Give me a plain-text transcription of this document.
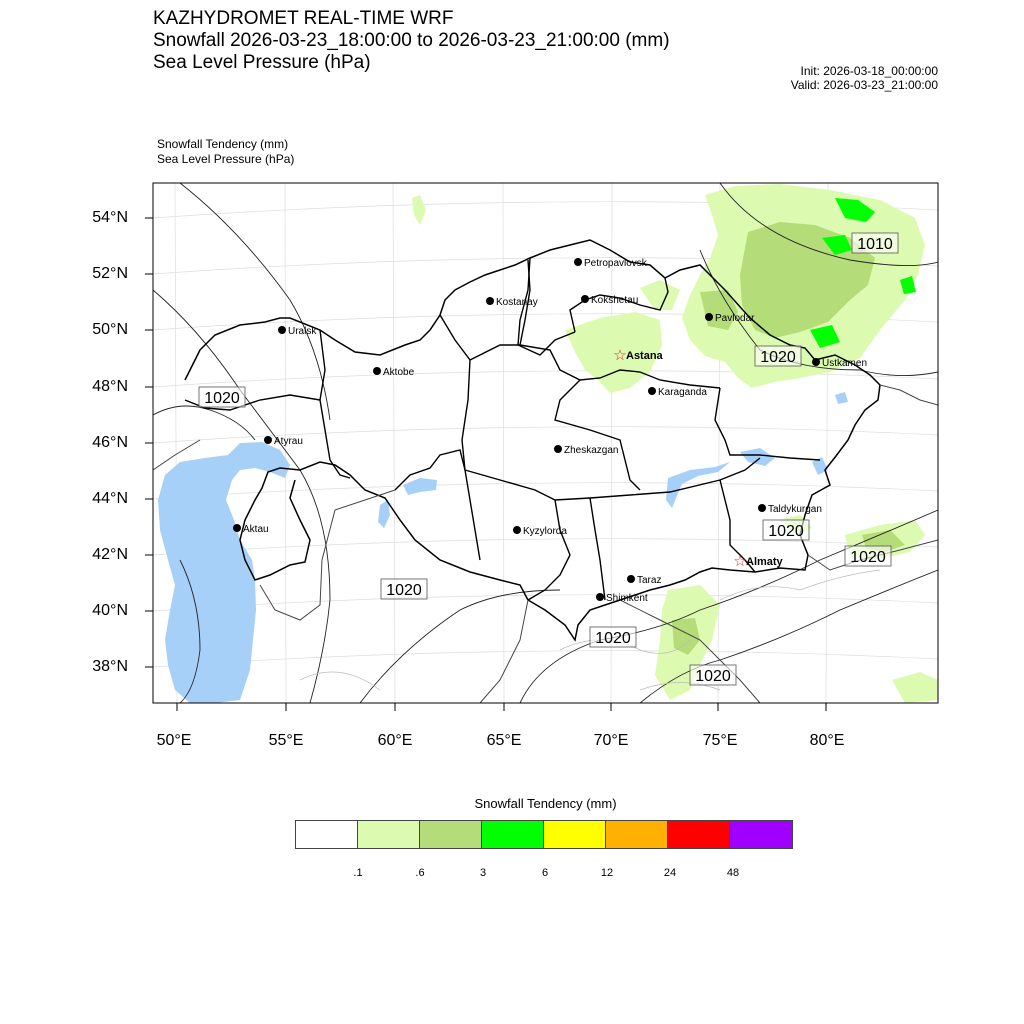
KAZHYDROMET REAL-TIME WRF
Snowfall 2026-03-23_18:00:00 to 2026-03-23_21:00:00 (mm)
Sea Level Pressure (hPa)	Init: 2026-03-18_00:00:00
Valid: 2026-03-23_21:00:00
Snowfall Tendency (mm)
Sea Level Pressure (hPa)
Petropavlovsk
Kostanay	Kokshetau
Uralsk
Pavlodar
☆ Astana
Aktobe
Ustkamen
Karaganda
Atyrau
Zheskazgan
Taldykurgan
Aktau	Kyzylorda
☆ Almaty
Taraz
Shimkent
1010
1020
1020
1020
1020
1020
1020
1020
54°N
52°N
50°N
48°N
46°N
44°N
42°N
40°N
38°N
50°E	55°E	60°E	65°E	70°E	75°E	80°E
Snowfall Tendency (mm)
.1	.6	3	6	12	24	48
